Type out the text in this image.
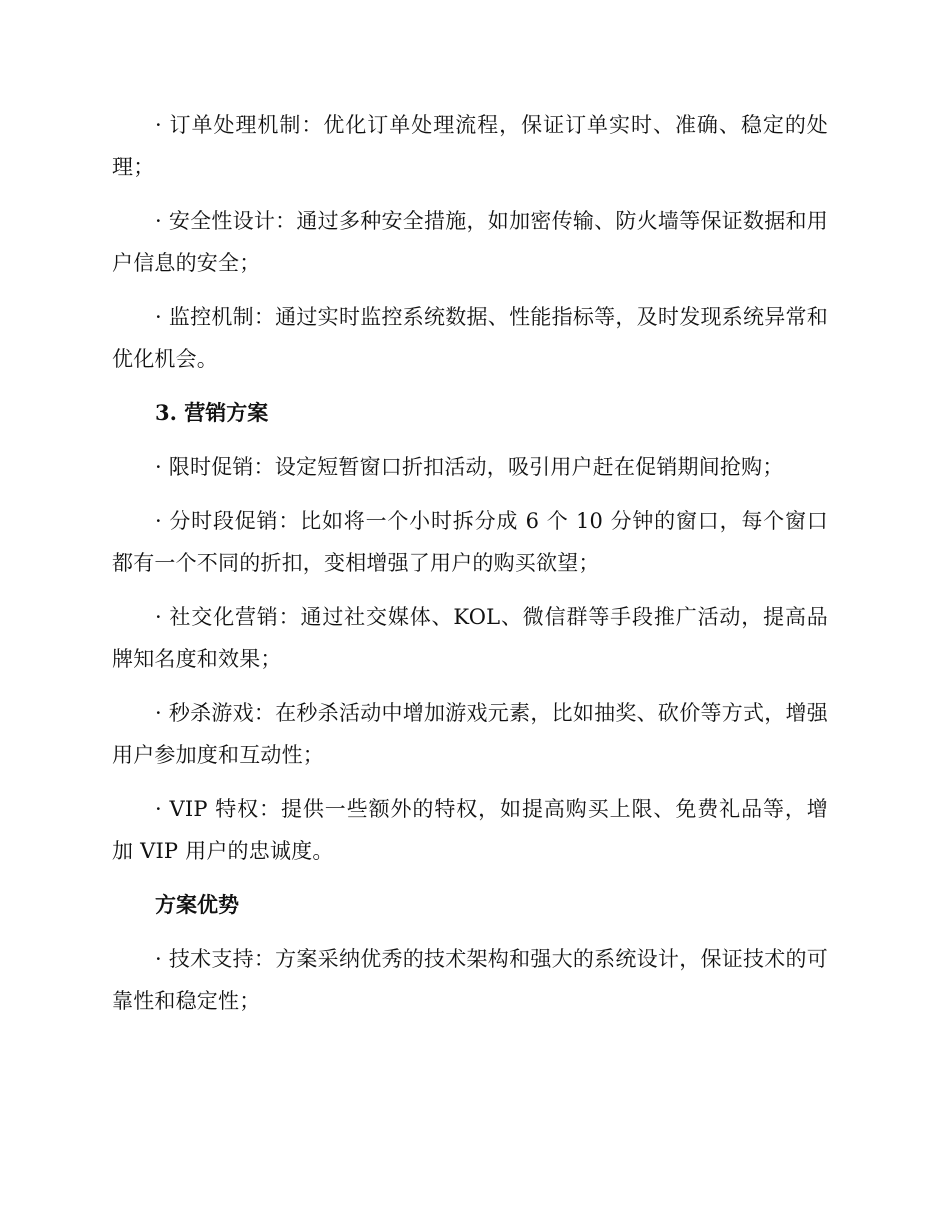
· 订单处理机制：优化订单处理流程，保证订单实时、准确、稳定的处理；

· 安全性设计：通过多种安全措施，如加密传输、防火墙等保证数据和用户信息的安全；

· 监控机制：通过实时监控系统数据、性能指标等，及时发现系统异常和优化机会。

3. 营销方案

· 限时促销：设定短暂窗口折扣活动，吸引用户赶在促销期间抢购；

· 分时段促销：比如将一个小时拆分成 6 个 10 分钟的窗口，每个窗口都有一个不同的折扣，变相增强了用户的购买欲望；

· 社交化营销：通过社交媒体、KOL、微信群等手段推广活动，提高品牌知名度和效果；

· 秒杀游戏：在秒杀活动中增加游戏元素，比如抽奖、砍价等方式，增强用户参加度和互动性；

· VIP 特权：提供一些额外的特权，如提高购买上限、免费礼品等，增加 VIP 用户的忠诚度。

方案优势

· 技术支持：方案采纳优秀的技术架构和强大的系统设计，保证技术的可靠性和稳定性；
